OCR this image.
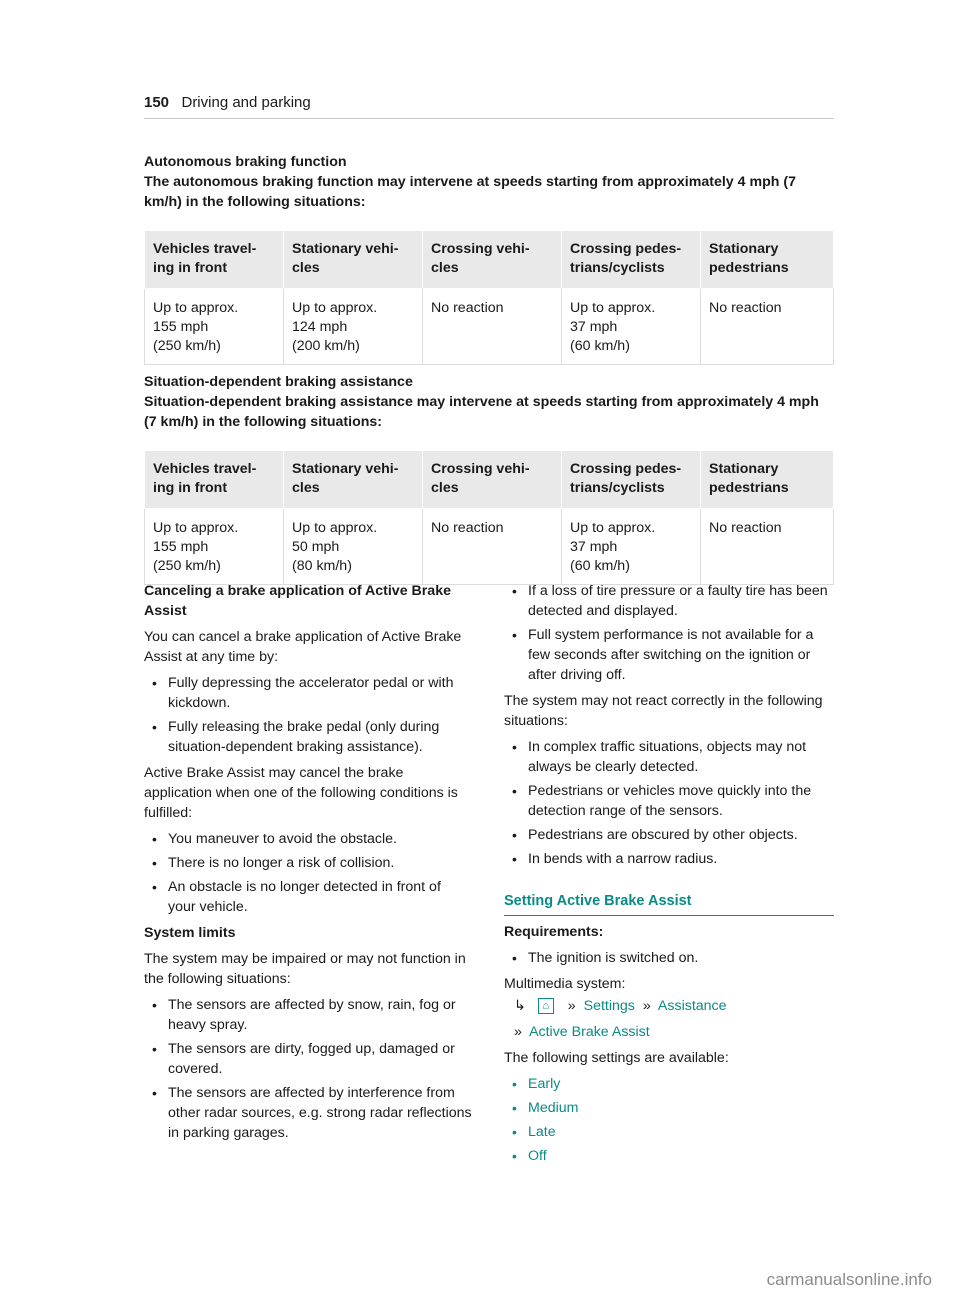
150 Driving and parking

Autonomous braking function

The autonomous braking function may intervene at speeds starting from approximately 4 mph (7 km/h) in the following situations:

Vehicles travel-
ing in front	Stationary vehi-
cles	Crossing vehi-
cles	Crossing pedes-
trians/cyclists	Stationary
pedestrians
Up to approx.
155 mph
(250 km/h)	Up to approx.
124 mph
(200 km/h)	No reaction	Up to approx.
37 mph
(60 km/h)	No reaction

Situation-dependent braking assistance

Situation-dependent braking assistance may intervene at speeds starting from approximately 4 mph (7 km/h) in the following situations:

Vehicles travel-
ing in front	Stationary vehi-
cles	Crossing vehi-
cles	Crossing pedes-
trians/cyclists	Stationary
pedestrians
Up to approx.
155 mph
(250 km/h)	Up to approx.
50 mph
(80 km/h)	No reaction	Up to approx.
37 mph
(60 km/h)	No reaction

Canceling a brake application of Active Brake Assist

You can cancel a brake application of Active Brake Assist at any time by:

• Fully depressing the accelerator pedal or with kickdown.
• Fully releasing the brake pedal (only during situation-dependent braking assistance).

Active Brake Assist may cancel the brake application when one of the following conditions is fulfilled:

• You maneuver to avoid the obstacle.
• There is no longer a risk of collision.
• An obstacle is no longer detected in front of your vehicle.

System limits

The system may be impaired or may not function in the following situations:

• The sensors are affected by snow, rain, fog or heavy spray.
• The sensors are dirty, fogged up, damaged or covered.
• The sensors are affected by interference from other radar sources, e.g. strong radar reflections in parking garages.
• If a loss of tire pressure or a faulty tire has been detected and displayed.
• Full system performance is not available for a few seconds after switching on the ignition or after driving off.

The system may not react correctly in the following situations:

• In complex traffic situations, objects may not always be clearly detected.
• Pedestrians or vehicles move quickly into the detection range of the sensors.
• Pedestrians are obscured by other objects.
• In bends with a narrow radius.

Setting Active Brake Assist

Requirements:

• The ignition is switched on.

Multimedia system:

↳ ⌂ » Settings » Assistance

» Active Brake Assist

The following settings are available:

• Early
• Medium
• Late
• Off
carmanualsonline.info
